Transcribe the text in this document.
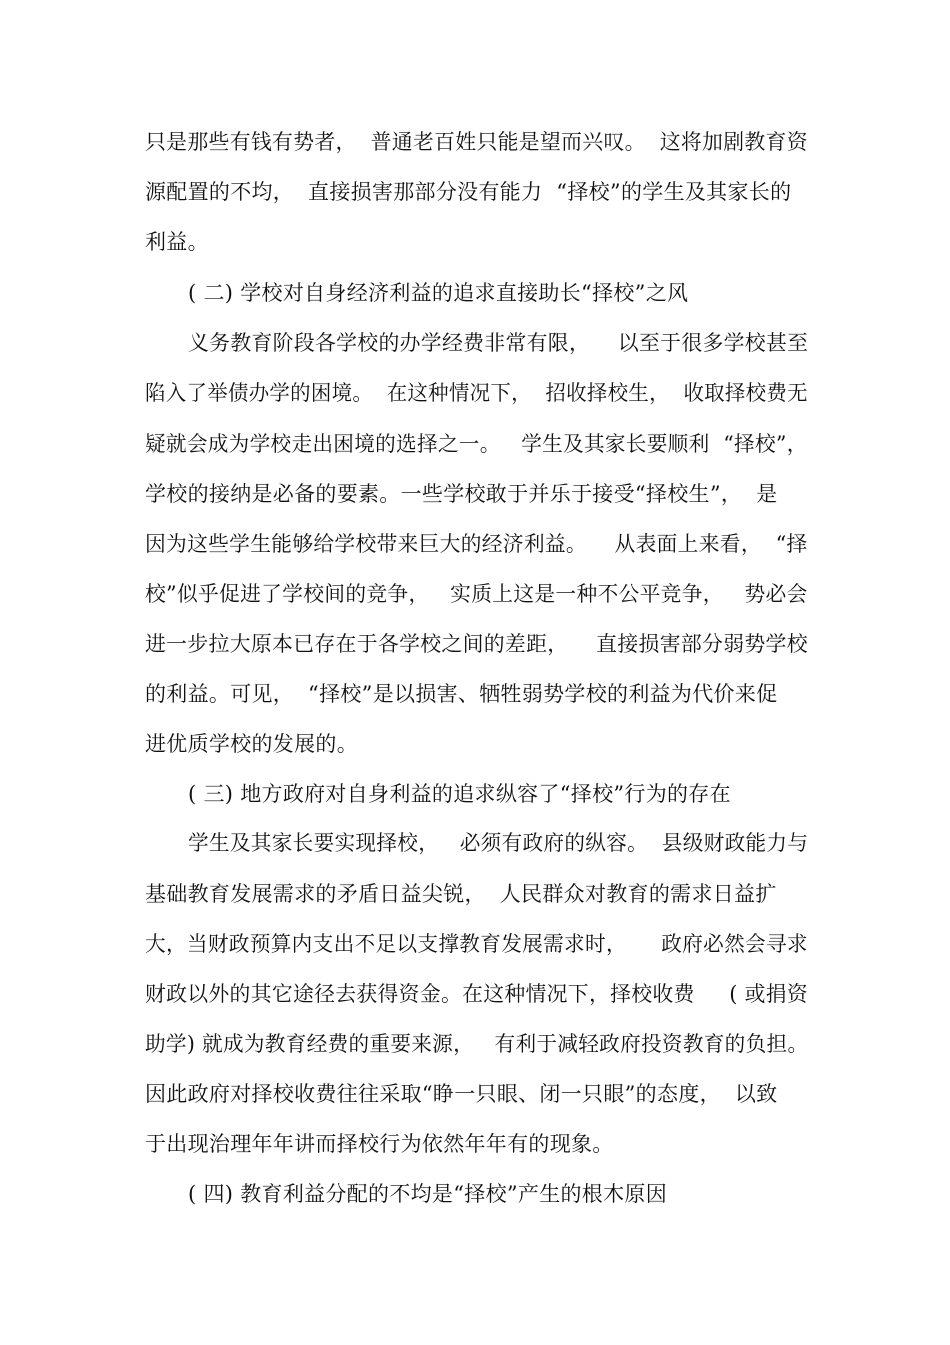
只是那些有钱有势者，  普通老百姓只能是望而兴叹。  这将加剧教育资
源配置的不均，  直接损害那部分没有能力  “择校”的学生及其家长的
利益。
( 二) 学校对自身经济利益的追求直接助长“择校”之风
义务教育阶段各学校的办学经费非常有限，    以至于很多学校甚至
陷入了举债办学的困境。  在这种情况下，  招收择校生，  收取择校费无
疑就会成为学校走出困境的选择之一。   学生及其家长要顺利  “择校”，
学校的接纳是必备的要素。一些学校敢于并乐于接受“择校生”，  是
因为这些学生能够给学校带来巨大的经济利益。    从表面上来看，  “择
校”似乎促进了学校间的竞争，   实质上这是一种不公平竞争，   势必会
进一步拉大原本已存在于各学校之间的差距，    直接损害部分弱势学校
的利益。可见，  “择校”是以损害、牺牲弱势学校的利益为代价来促
进优质学校的发展的。
( 三) 地方政府对自身利益的追求纵容了“择校”行为的存在
学生及其家长要实现择校，   必须有政府的纵容。  县级财政能力与
基础教育发展需求的矛盾日益尖锐，  人民群众对教育的需求日益扩
大，当财政预算内支出不足以支撑教育发展需求时，     政府必然会寻求
财政以外的其它途径去获得资金。在这种情况下，择校收费     ( 或捐资
助学) 就成为教育经费的重要来源，   有利于减轻政府投资教育的负担。
因此政府对择校收费往往采取“睁一只眼、闭一只眼”的态度，  以致
于出现治理年年讲而择校行为依然年年有的现象。
( 四) 教育利益分配的不均是“择校”产生的根木原因
